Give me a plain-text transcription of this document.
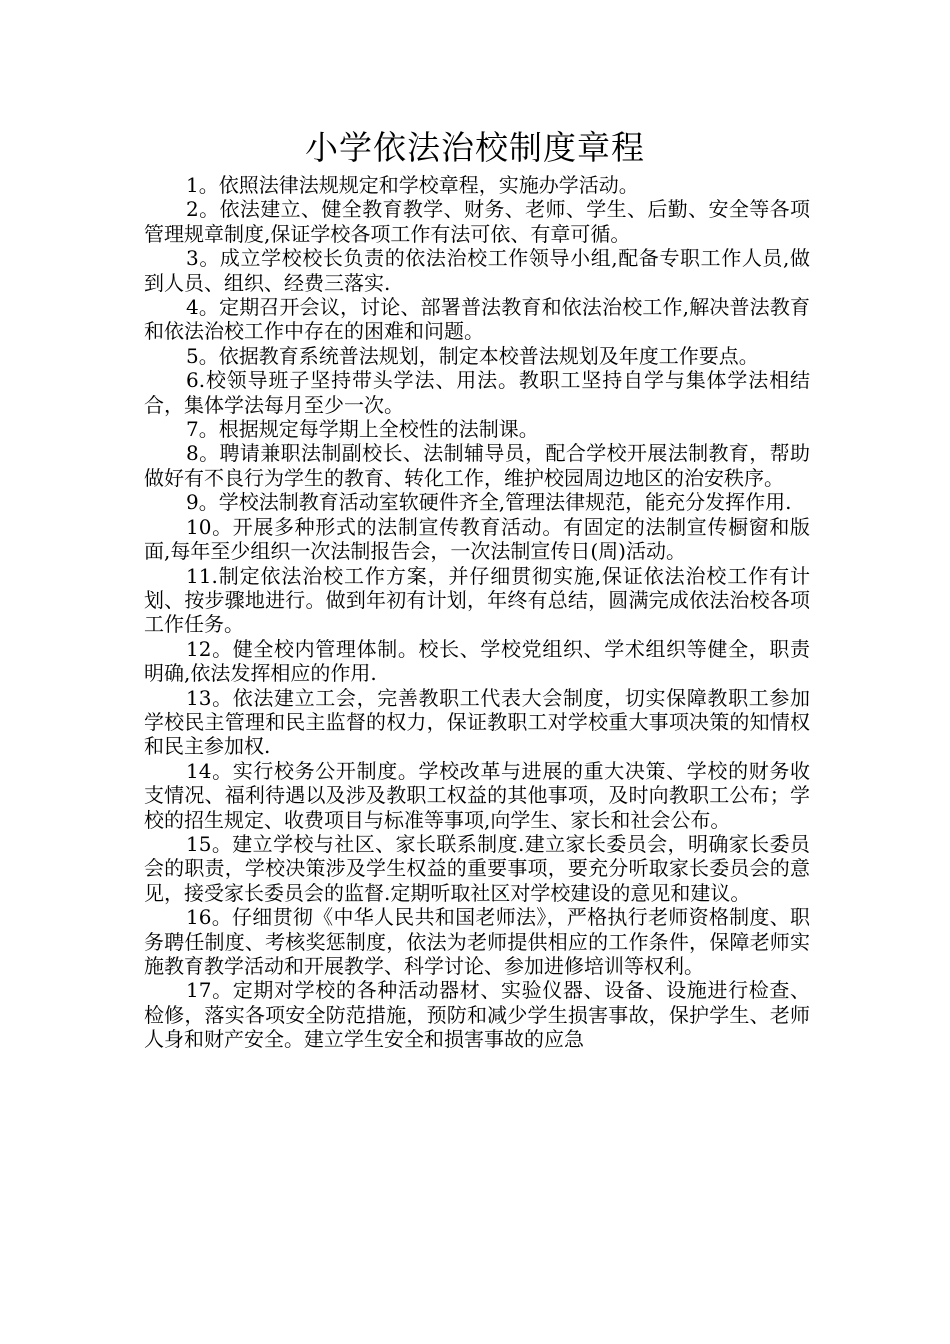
小学依法治校制度章程

1。依照法律法规规定和学校章程，实施办学活动。

2。依法建立、健全教育教学、财务、老师、学生、后勤、安全等各项管理规章制度,保证学校各项工作有法可依、有章可循。

3。成立学校校长负责的依法治校工作领导小组,配备专职工作人员,做到人员、组织、经费三落实.

4。定期召开会议，讨论、部署普法教育和依法治校工作,解决普法教育和依法治校工作中存在的困难和问题。

5。依据教育系统普法规划，制定本校普法规划及年度工作要点。

6.校领导班子坚持带头学法、用法。教职工坚持自学与集体学法相结合，集体学法每月至少一次。

7。根据规定每学期上全校性的法制课。

8。聘请兼职法制副校长、法制辅导员，配合学校开展法制教育，帮助做好有不良行为学生的教育、转化工作，维护校园周边地区的治安秩序。

9。学校法制教育活动室软硬件齐全,管理法律规范，能充分发挥作用.

10。开展多种形式的法制宣传教育活动。有固定的法制宣传橱窗和版面,每年至少组织一次法制报告会，一次法制宣传日(周)活动。

11.制定依法治校工作方案，并仔细贯彻实施,保证依法治校工作有计划、按步骤地进行。做到年初有计划，年终有总结，圆满完成依法治校各项工作任务。

12。健全校内管理体制。校长、学校党组织、学术组织等健全，职责明确,依法发挥相应的作用.

13。依法建立工会，完善教职工代表大会制度，切实保障教职工参加学校民主管理和民主监督的权力，保证教职工对学校重大事项决策的知情权和民主参加权.

14。实行校务公开制度。学校改革与进展的重大决策、学校的财务收支情况、福利待遇以及涉及教职工权益的其他事项，及时向教职工公布；学校的招生规定、收费项目与标准等事项,向学生、家长和社会公布。

15。建立学校与社区、家长联系制度.建立家长委员会，明确家长委员会的职责，学校决策涉及学生权益的重要事项，要充分听取家长委员会的意见，接受家长委员会的监督.定期听取社区对学校建设的意见和建议。

16。仔细贯彻《中华人民共和国老师法》，严格执行老师资格制度、职务聘任制度、考核奖惩制度，依法为老师提供相应的工作条件，保障老师实施教育教学活动和开展教学、科学讨论、参加进修培训等权利。

17。定期对学校的各种活动器材、实验仪器、设备、设施进行检查、检修，落实各项安全防范措施，预防和减少学生损害事故，保护学生、老师人身和财产安全。建立学生安全和损害事故的应急
